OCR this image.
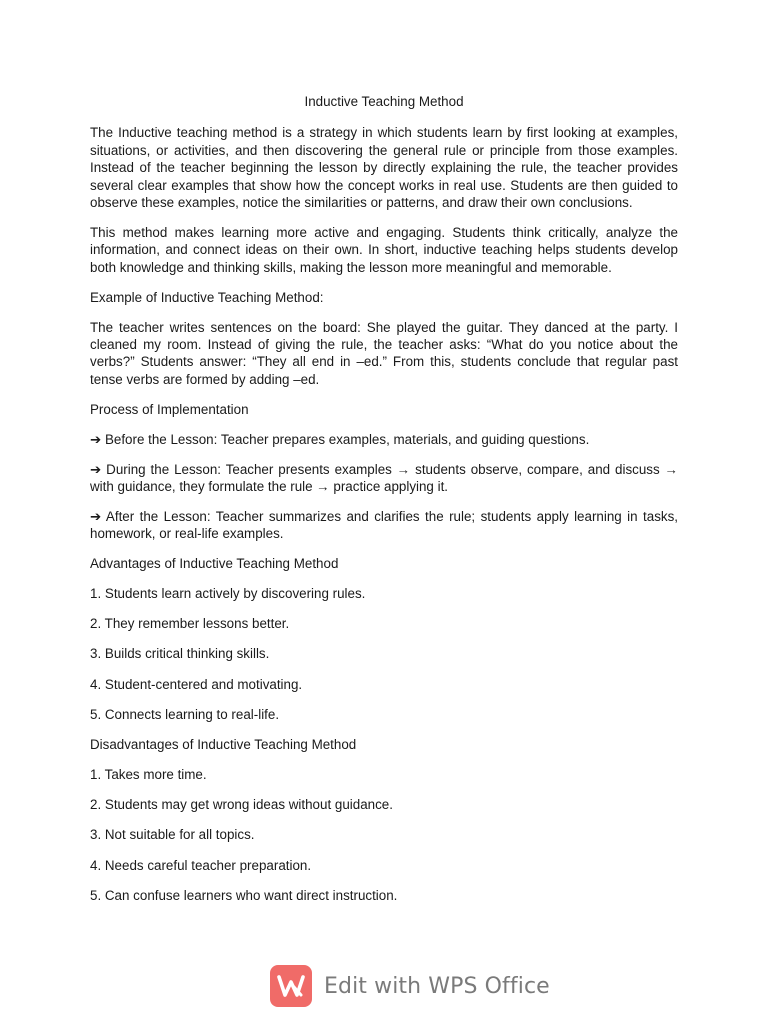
Inductive Teaching Method

The Inductive teaching method is a strategy in which students learn by first looking at examples, situations, or activities, and then discovering the general rule or principle from those examples. Instead of the teacher beginning the lesson by directly explaining the rule, the teacher provides several clear examples that show how the concept works in real use. Students are then guided to observe these examples, notice the similarities or patterns, and draw their own conclusions.

This method makes learning more active and engaging. Students think critically, analyze the information, and connect ideas on their own. In short, inductive teaching helps students develop both knowledge and thinking skills, making the lesson more meaningful and memorable.

Example of Inductive Teaching Method:

The teacher writes sentences on the board: She played the guitar. They danced at the party. I cleaned my room. Instead of giving the rule, the teacher asks: “What do you notice about the verbs?” Students answer: “They all end in –ed.” From this, students conclude that regular past tense verbs are formed by adding –ed.

Process of Implementation

➔ Before the Lesson: Teacher prepares examples, materials, and guiding questions.

➔ During the Lesson: Teacher presents examples → students observe, compare, and discuss → with guidance, they formulate the rule → practice applying it.

➔ After the Lesson: Teacher summarizes and clarifies the rule; students apply learning in tasks, homework, or real-life examples.

Advantages of Inductive Teaching Method

1. Students learn actively by discovering rules.

2. They remember lessons better.

3. Builds critical thinking skills.

4. Student-centered and motivating.

5. Connects learning to real-life.

Disadvantages of Inductive Teaching Method

1. Takes more time.

2. Students may get wrong ideas without guidance.

3. Not suitable for all topics.

4. Needs careful teacher preparation.

5. Can confuse learners who want direct instruction.

Edit with WPS Office
